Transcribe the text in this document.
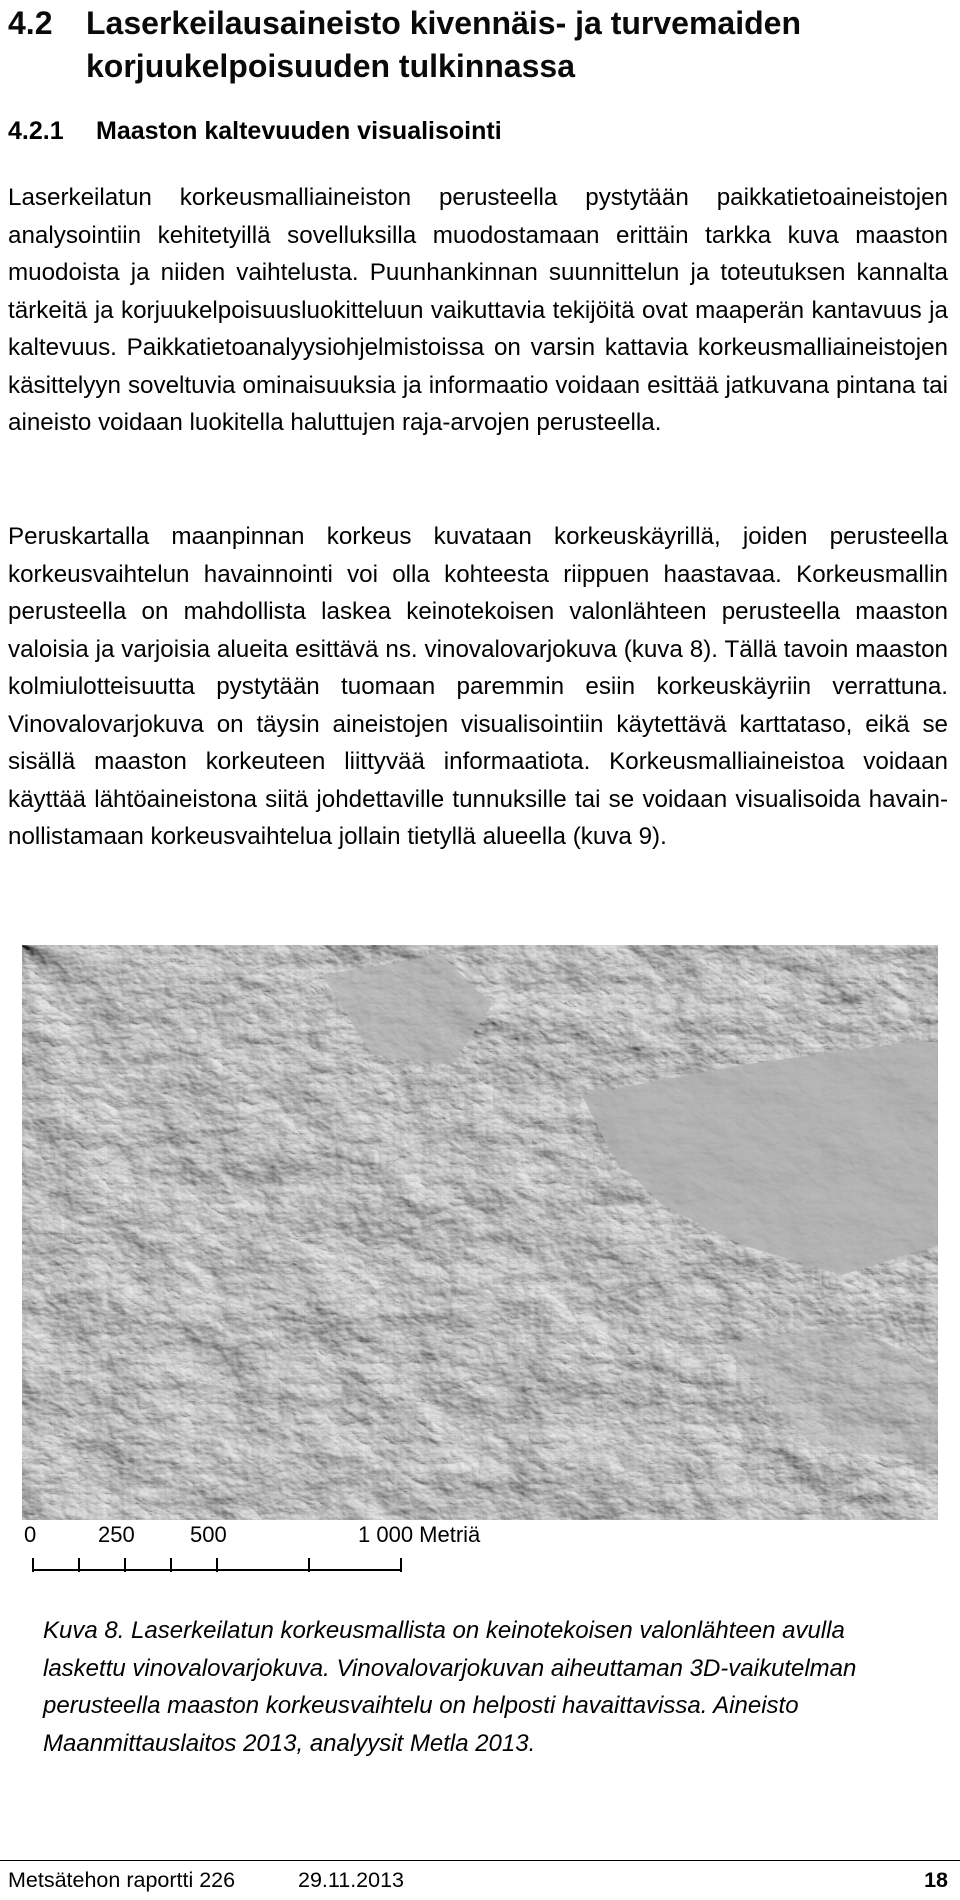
4.2	Laserkeilausaineisto kivennäis- ja turvemaiden korjuukelpoisuuden tulkinnassa
4.2.1	Maaston kaltevuuden visualisointi

Laserkeilatun korkeusmalliaineiston perusteella pystytään paikkatietoaineistojen analysointiin kehitetyillä sovelluksilla muodostamaan erittäin tarkka kuva maaston muodoista ja niiden vaihtelusta. Puunhankinnan suunnittelun ja toteutuksen kannalta tärkeitä ja korjuukelpoisuusluokitteluun vaikuttavia tekijöitä ovat maaperän kantavuus ja kaltevuus. Paikkatietoanalyysiohjelmistoissa on varsin kattavia korkeusmalliaineistojen käsittelyyn soveltuvia ominaisuuksia ja informaatio voidaan esittää jatkuvana pintana tai aineisto voidaan luokitella haluttujen raja-arvojen perusteella.

Peruskartalla maanpinnan korkeus kuvataan korkeuskäyrillä, joiden perusteella korkeusvaihtelun havainnointi voi olla kohteesta riippuen haastavaa. Korkeusmallin perusteella on mahdollista laskea keinotekoisen valonlähteen perusteella maaston valoisia ja varjoisia alueita esittävä ns. vinovalovarjokuva (kuva 8). Tällä tavoin maaston kolmiulotteisuutta pystytään tuomaan paremmin esiin korkeuskäyriin verrattuna. Vinovalovarjokuva on täysin aineistojen visualisointiin käytettävä karttataso, eikä se sisällä maaston korkeuteen liittyvää informaatiota. Korkeusmalliaineistoa voidaan käyttää lähtöaineistona siitä johdettaville tunnuksille tai se voidaan visualisoida havainnollistamaan korkeusvaihtelua jollain tietyllä alueella (kuva 9).

0	250	500	1 000 Metriä

Kuva 8. Laserkeilatun korkeusmallista on keinotekoisen valonlähteen avulla laskettu vinovalovarjokuva. Vinovalovarjokuvan aiheuttaman 3D-vaikutelman perusteella maaston korkeusvaihtelu on helposti havaittavissa. Aineisto Maanmittauslaitos 2013, analyysit Metla 2013.

Metsätehon raportti 226	29.11.2013	18
